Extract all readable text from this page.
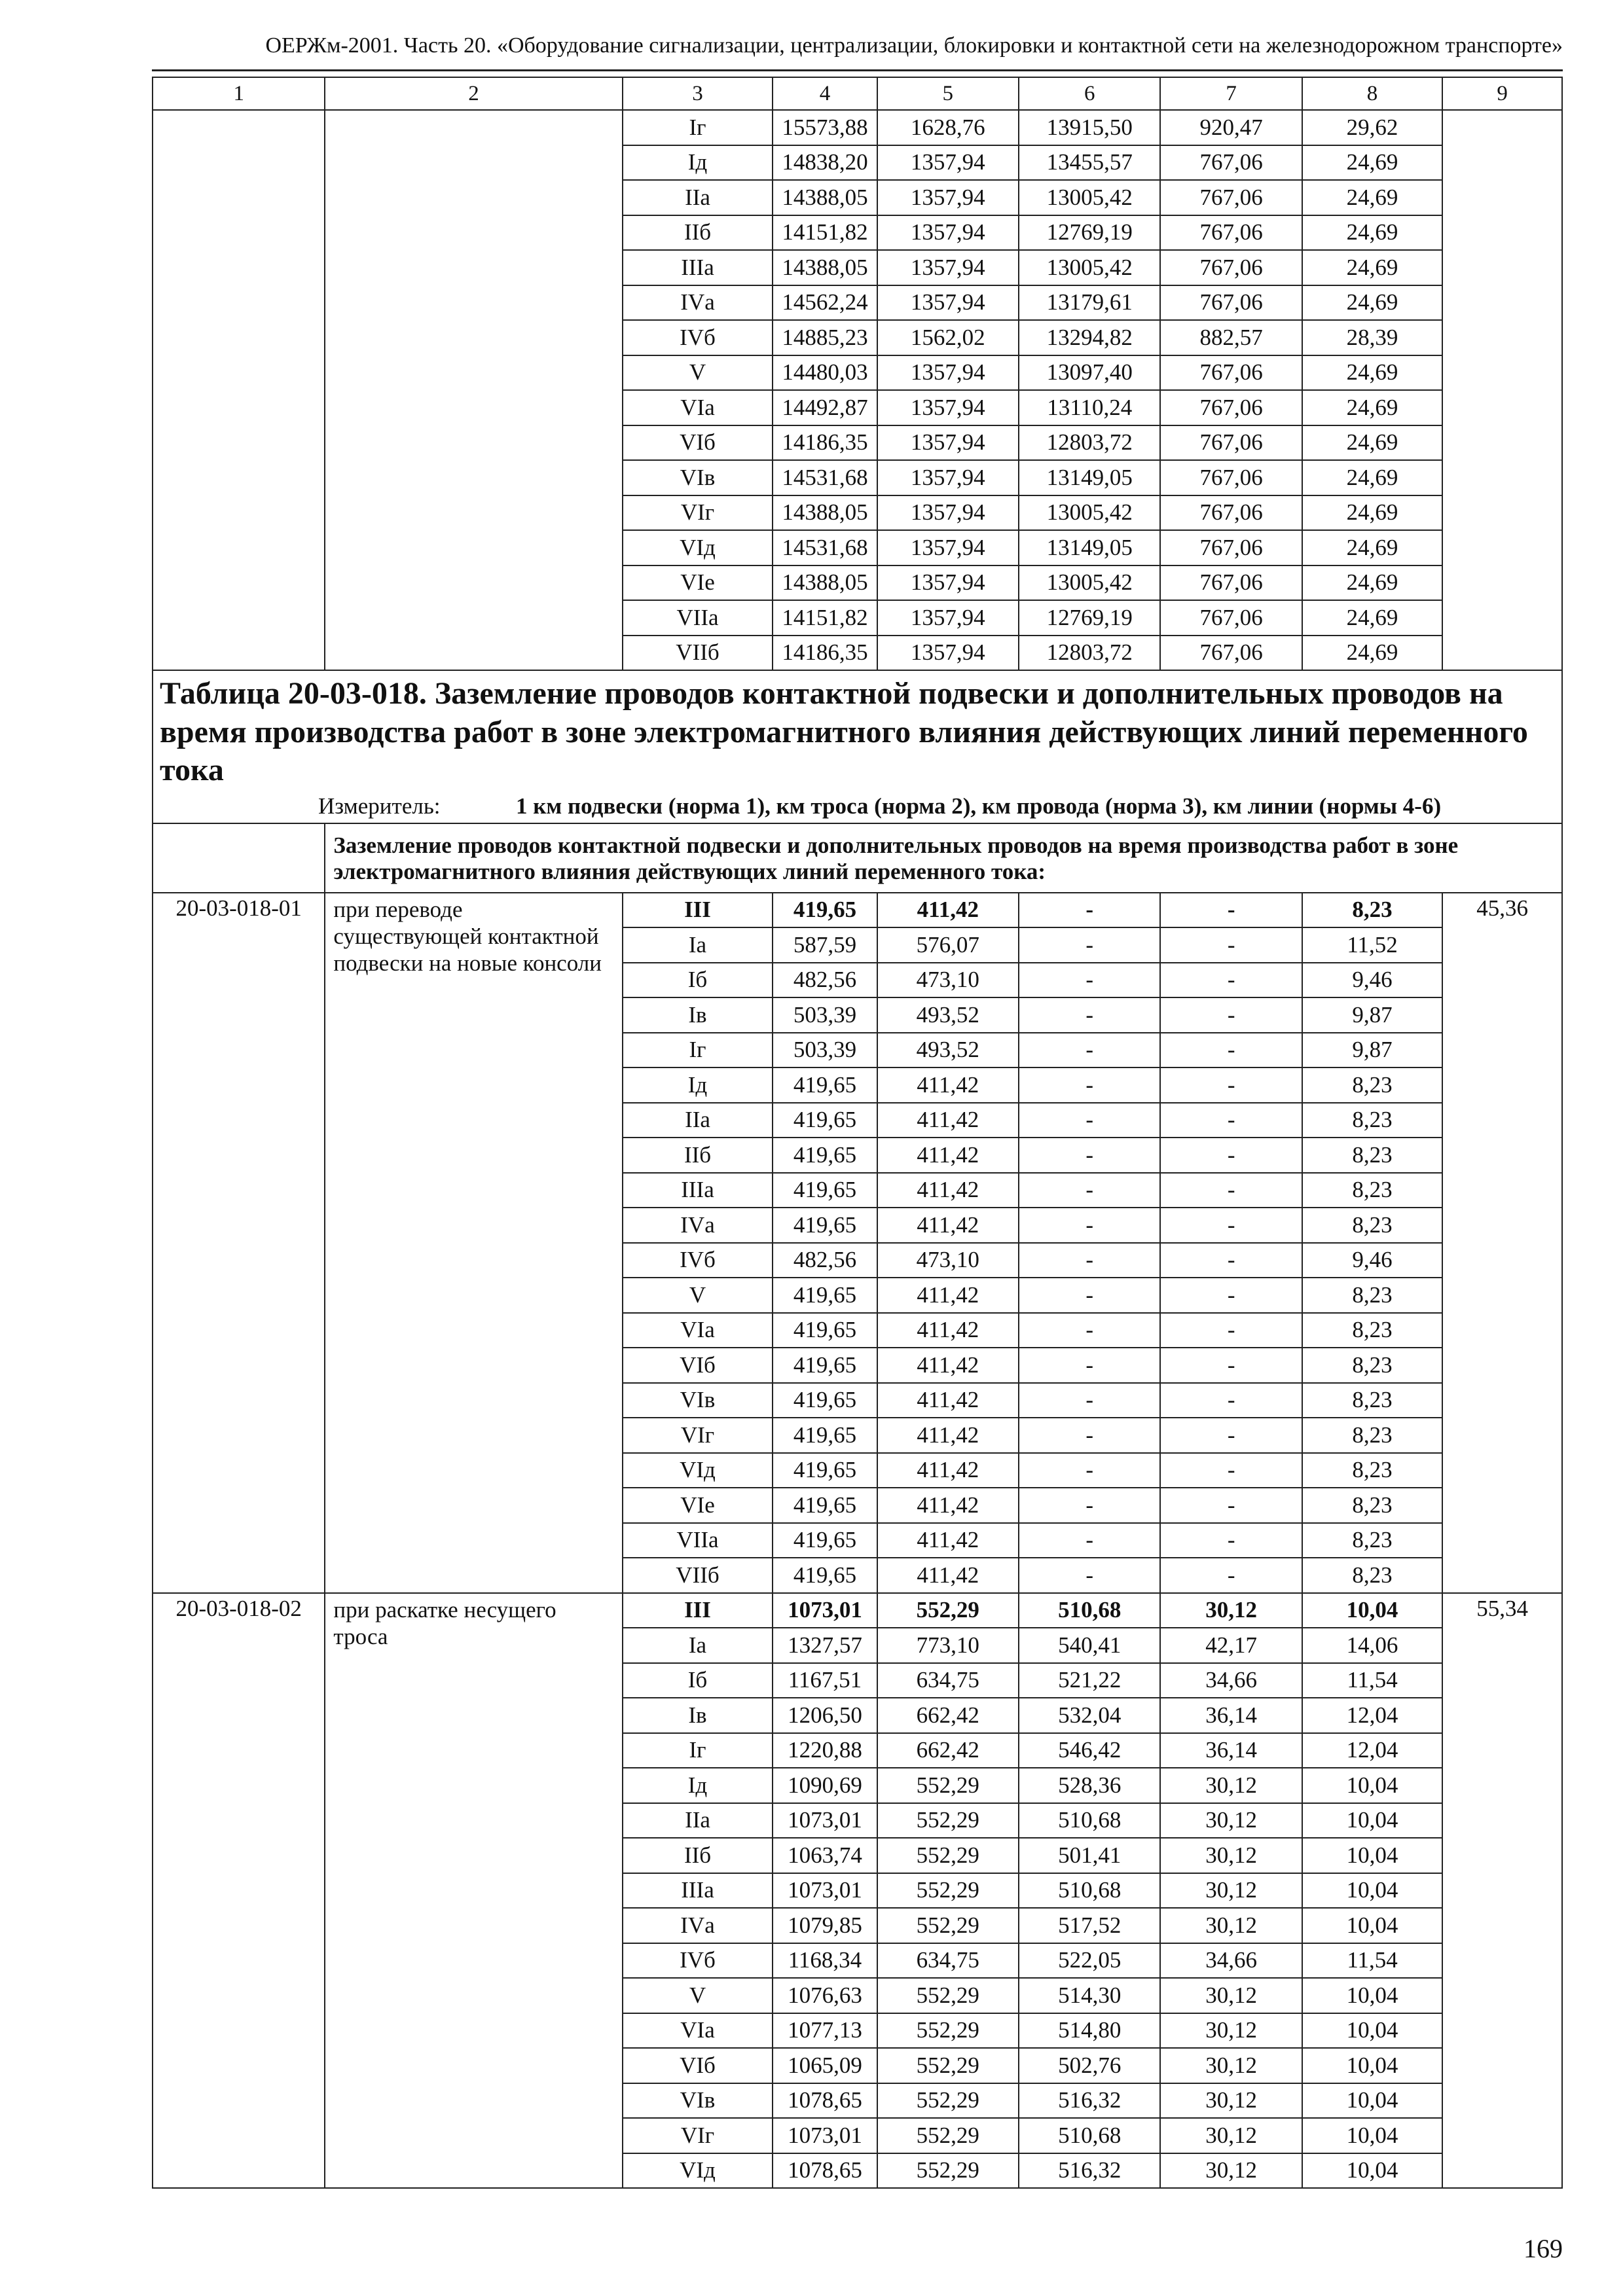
ОЕРЖм-2001. Часть 20. «Оборудование сигнализации, централизации, блокировки и контактной сети на железнодорожном транспорте»
1	2	3	4	5	6	7	8	9
		Iг	15573,88	1628,76	13915,50	920,47	29,62	
		Iд	14838,20	1357,94	13455,57	767,06	24,69	
		IIа	14388,05	1357,94	13005,42	767,06	24,69	
		IIб	14151,82	1357,94	12769,19	767,06	24,69	
		IIIа	14388,05	1357,94	13005,42	767,06	24,69	
		IVа	14562,24	1357,94	13179,61	767,06	24,69	
		IVб	14885,23	1562,02	13294,82	882,57	28,39	
		V	14480,03	1357,94	13097,40	767,06	24,69	
		VIа	14492,87	1357,94	13110,24	767,06	24,69	
		VIб	14186,35	1357,94	12803,72	767,06	24,69	
		VIв	14531,68	1357,94	13149,05	767,06	24,69	
		VIг	14388,05	1357,94	13005,42	767,06	24,69	
		VIд	14531,68	1357,94	13149,05	767,06	24,69	
		VIе	14388,05	1357,94	13005,42	767,06	24,69	
		VIIа	14151,82	1357,94	12769,19	767,06	24,69	
		VIIб	14186,35	1357,94	12803,72	767,06	24,69	
Таблица 20-03-018. Заземление проводов контактной подвески и дополнительных проводов на время производства работ в зоне электромагнитного влияния действующих линий переменного тока								
Измеритель: 1 км подвески (норма 1), км троса (норма 2), км провода (норма 3), км линии (нормы 4-6)								
	Заземление проводов контактной подвески и дополнительных проводов на время производства работ в зоне электромагнитного влияния действующих линий переменного тока:							
20-03-018-01	при переводе существующей контактной подвески на новые консоли	III	419,65	411,42	-	-	8,23	45,36
		Iа	587,59	576,07	-	-	11,52	
		Iб	482,56	473,10	-	-	9,46	
		Iв	503,39	493,52	-	-	9,87	
		Iг	503,39	493,52	-	-	9,87	
		Iд	419,65	411,42	-	-	8,23	
		IIа	419,65	411,42	-	-	8,23	
		IIб	419,65	411,42	-	-	8,23	
		IIIа	419,65	411,42	-	-	8,23	
		IVа	419,65	411,42	-	-	8,23	
		IVб	482,56	473,10	-	-	9,46	
		V	419,65	411,42	-	-	8,23	
		VIа	419,65	411,42	-	-	8,23	
		VIб	419,65	411,42	-	-	8,23	
		VIв	419,65	411,42	-	-	8,23	
		VIг	419,65	411,42	-	-	8,23	
		VIд	419,65	411,42	-	-	8,23	
		VIе	419,65	411,42	-	-	8,23	
		VIIа	419,65	411,42	-	-	8,23	
		VIIб	419,65	411,42	-	-	8,23	
20-03-018-02	при раскатке несущего троса	III	1073,01	552,29	510,68	30,12	10,04	55,34
		Iа	1327,57	773,10	540,41	42,17	14,06	
		Iб	1167,51	634,75	521,22	34,66	11,54	
		Iв	1206,50	662,42	532,04	36,14	12,04	
		Iг	1220,88	662,42	546,42	36,14	12,04	
		Iд	1090,69	552,29	528,36	30,12	10,04	
		IIа	1073,01	552,29	510,68	30,12	10,04	
		IIб	1063,74	552,29	501,41	30,12	10,04	
		IIIа	1073,01	552,29	510,68	30,12	10,04	
		IVа	1079,85	552,29	517,52	30,12	10,04	
		IVб	1168,34	634,75	522,05	34,66	11,54	
		V	1076,63	552,29	514,30	30,12	10,04	
		VIа	1077,13	552,29	514,80	30,12	10,04	
		VIб	1065,09	552,29	502,76	30,12	10,04	
		VIв	1078,65	552,29	516,32	30,12	10,04	
		VIг	1073,01	552,29	510,68	30,12	10,04	
		VIд	1078,65	552,29	516,32	30,12	10,04	
169
